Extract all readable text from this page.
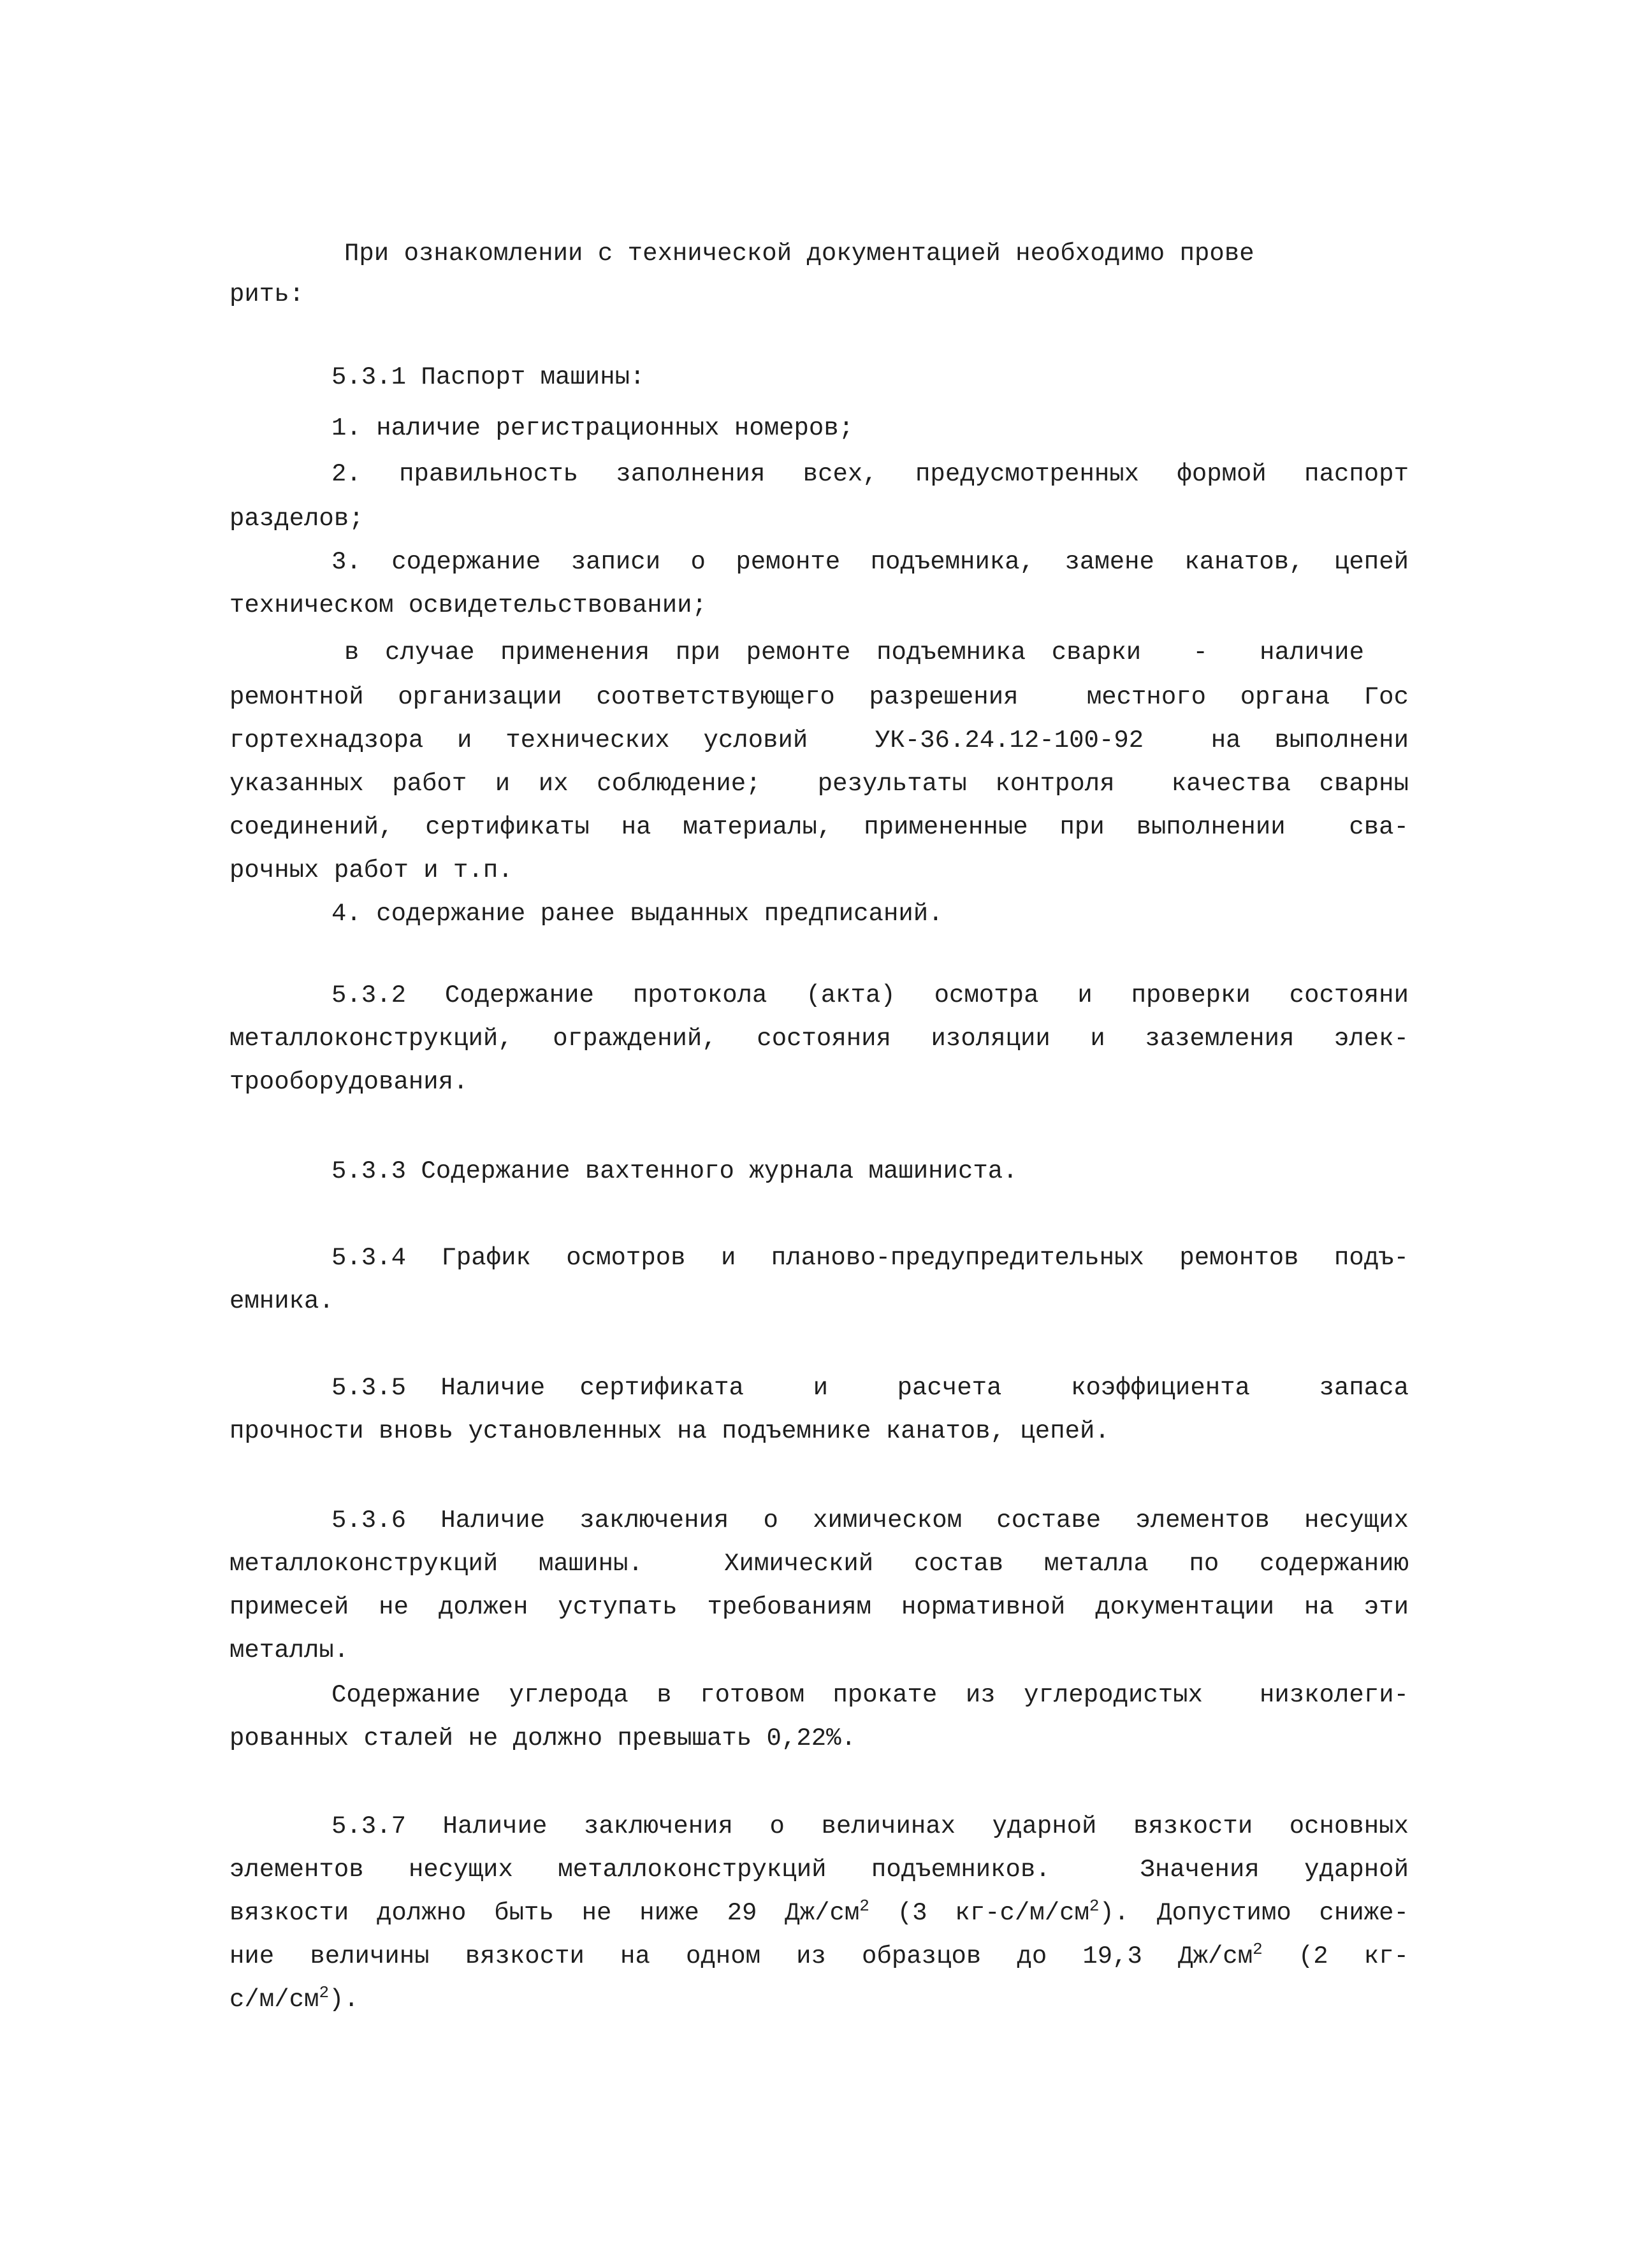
При ознакомлении с технической документацией необходимо прове
рить:
5.3.1 Паспорт машины:
1. наличие регистрационных номеров;
2. правильность заполнения всех, предусмотренных формой паспорт
разделов;
3. содержание записи о ремонте подъемника, замене канатов, цепей
техническом освидетельствовании;
в случае применения при ремонте подъемника сварки  -  наличие
ремонтной организации соответствующего разрешения  местного органа Гос
гортехнадзора и технических условий  УК-36.24.12-100-92  на выполнени
указанных работ и их соблюдение;  результаты контроля  качества сварны
соединений, сертификаты на материалы, примененные при выполнении  сва-
рочных работ и т.п.
4. содержание ранее выданных предписаний.
5.3.2 Содержание протокола (акта) осмотра и проверки состояни
металлоконструкций, ограждений, состояния изоляции и заземления элек-
трооборудования.
5.3.3 Содержание вахтенного журнала машиниста.
5.3.4 График осмотров и планово-предупредительных ремонтов подъ-
емника.
5.3.5 Наличие сертификата  и  расчета  коэффициента  запаса
прочности вновь установленных на подъемнике канатов, цепей.
5.3.6 Наличие заключения о химическом составе элементов несущих
металлоконструкций машины.  Химический состав металла по содержанию
примесей не должен уступать требованиям нормативной документации на эти
металлы.
Содержание углерода в готовом прокате из углеродистых  низколеги-
рованных сталей не должно превышать 0,22%.
5.3.7 Наличие заключения о величинах ударной вязкости основных
элементов несущих металлоконструкций подъемников.  Значения ударной
вязкости должно быть не ниже 29 $Дж/см^2$ (3 $кг-с/м/см^2$). Допустимо сниже-
ние величины вязкости на одном из образцов до 19,3 $Дж/см^2$ (2 кг-
$с/м/см^2$).
